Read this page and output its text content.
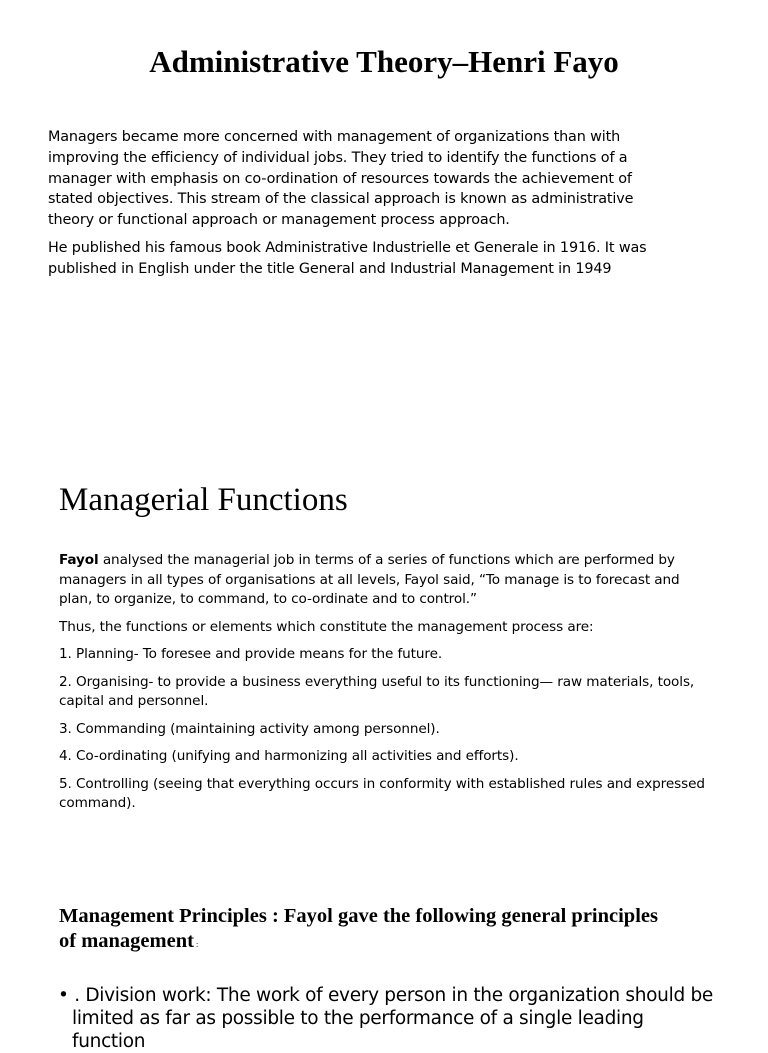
Administrative Theory–Henri Fayo

Managers became more concerned with management of organizations than with improving the efficiency of individual jobs. They tried to identify the functions of a manager with emphasis on co-ordination of resources towards the achievement of stated objectives. This stream of the classical approach is known as administrative theory or functional approach or management process approach.

He published his famous book Administrative Industrielle et Generale in 1916. It was published in English under the title General and Industrial Management in 1949

Managerial Functions

Fayol analysed the managerial job in terms of a series of functions which are performed by managers in all types of organisations at all levels, Fayol said, “To manage is to forecast and plan, to organize, to command, to co-ordinate and to control.”

Thus, the functions or elements which constitute the management process are:

1. Planning- To foresee and provide means for the future.

2. Organising- to provide a business everything useful to its functioning— raw materials, tools, capital and personnel.

3. Commanding (maintaining activity among personnel).

4. Co-ordinating (unifying and harmonizing all activities and efforts).

5. Controlling (seeing that everything occurs in conformity with established rules and expressed command).

Management Principles : Fayol gave the following general principles of management :
• . Division work: The work of every person in the organization should be limited as far as possible to the performance of a single leading function
